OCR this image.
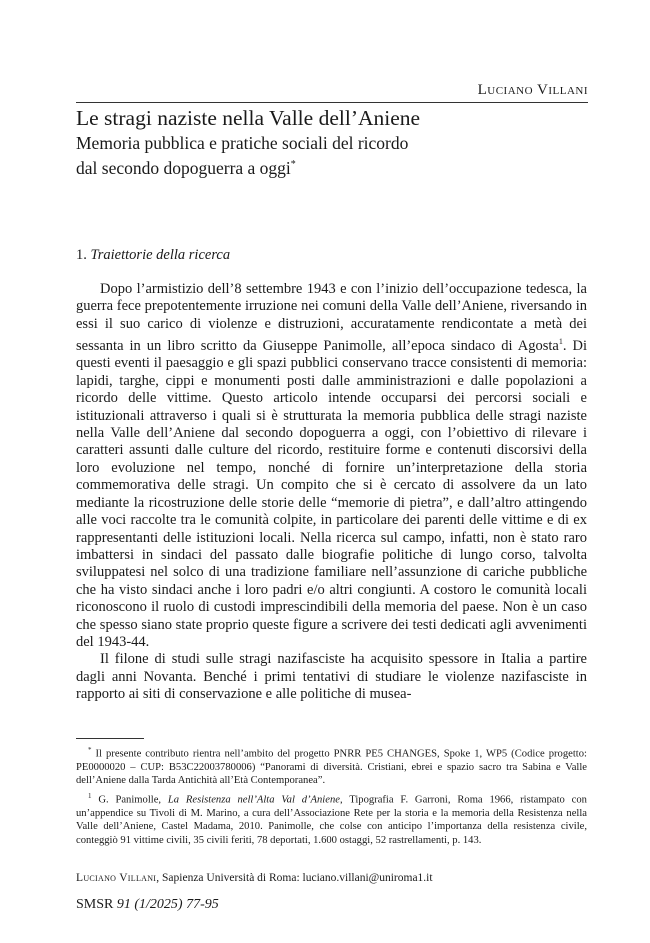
Luciano Villani
Le stragi naziste nella Valle dell’Aniene
Memoria pubblica e pratiche sociali del ricordo
dal secondo dopoguerra a oggi*
1. Traiettorie della ricerca

Dopo l’armistizio dell’8 settembre 1943 e con l’inizio dell’occupazione tedesca, la guerra fece prepotentemente irruzione nei comuni della Valle dell’Aniene, riversando in essi il suo carico di violenze e distruzioni, accuratamente rendicontate a metà dei sessanta in un libro scritto da Giuseppe Panimolle, all’epoca sindaco di Agosta$^1$. Di questi eventi il paesaggio e gli spazi pubblici conservano tracce consistenti di memoria: lapidi, targhe, cippi e monumenti posti dalle amministrazioni e dalle popolazioni a ricordo delle vittime. Questo articolo intende occuparsi dei percorsi sociali e istituzionali attraverso i quali si è strutturata la memoria pubblica delle stragi naziste nella Valle dell’Aniene dal secondo dopoguerra a oggi, con l’obiettivo di rilevare i caratteri assunti dalle culture del ricordo, restituire forme e contenuti discorsivi della loro evoluzione nel tempo, nonché di fornire un’interpretazione della storia commemorativa delle stragi. Un compito che si è cercato di assolvere da un lato mediante la ricostruzione delle storie delle “memorie di pietra”, e dall’altro attingendo alle voci raccolte tra le comunità colpite, in particolare dei parenti delle vittime e di ex rappresentanti delle istituzioni locali. Nella ricerca sul campo, infatti, non è stato raro imbattersi in sindaci del passato dalle biografie politiche di lungo corso, talvolta sviluppatesi nel solco di una tradizione familiare nell’assunzione di cariche pubbliche che ha visto sindaci anche i loro padri e/o altri congiunti. A costoro le comunità locali riconoscono il ruolo di custodi imprescindibili della memoria del paese. Non è un caso che spesso siano state proprio queste figure a scrivere dei testi dedicati agli avvenimenti del 1943-44.

Il filone di studi sulle stragi nazifasciste ha acquisito spessore in Italia a partire dagli anni Novanta. Benché i primi tentativi di studiare le violenze nazifasciste in rapporto ai siti di conservazione e alle politiche di musea-

* Il presente contributo rientra nell’ambito del progetto PNRR PE5 CHANGES, Spoke 1, WP5 (Codice progetto: PE0000020 – CUP: B53C22003780006) “Panorami di diversità. Cristiani, ebrei e spazio sacro tra Sabina e Valle dell’Aniene dalla Tarda Antichità all’Età Contemporanea”.

$^1$ G. Panimolle, La Resistenza nell’Alta Val d’Aniene, Tipografia F. Garroni, Roma 1966, ristampato con un’appendice su Tivoli di M. Marino, a cura dell’Associazione Rete per la storia e la memoria della Resistenza nella Valle dell’Aniene, Castel Madama, 2010. Panimolle, che colse con anticipo l’importanza della resistenza civile, conteggiò 91 vittime civili, 35 civili feriti, 78 deportati, 1.600 ostaggi, 52 rastrellamenti, p. 143.

Luciano Villani, Sapienza Università di Roma: luciano.villani@uniroma1.it
SMSR 91 (1/2025) 77-95
